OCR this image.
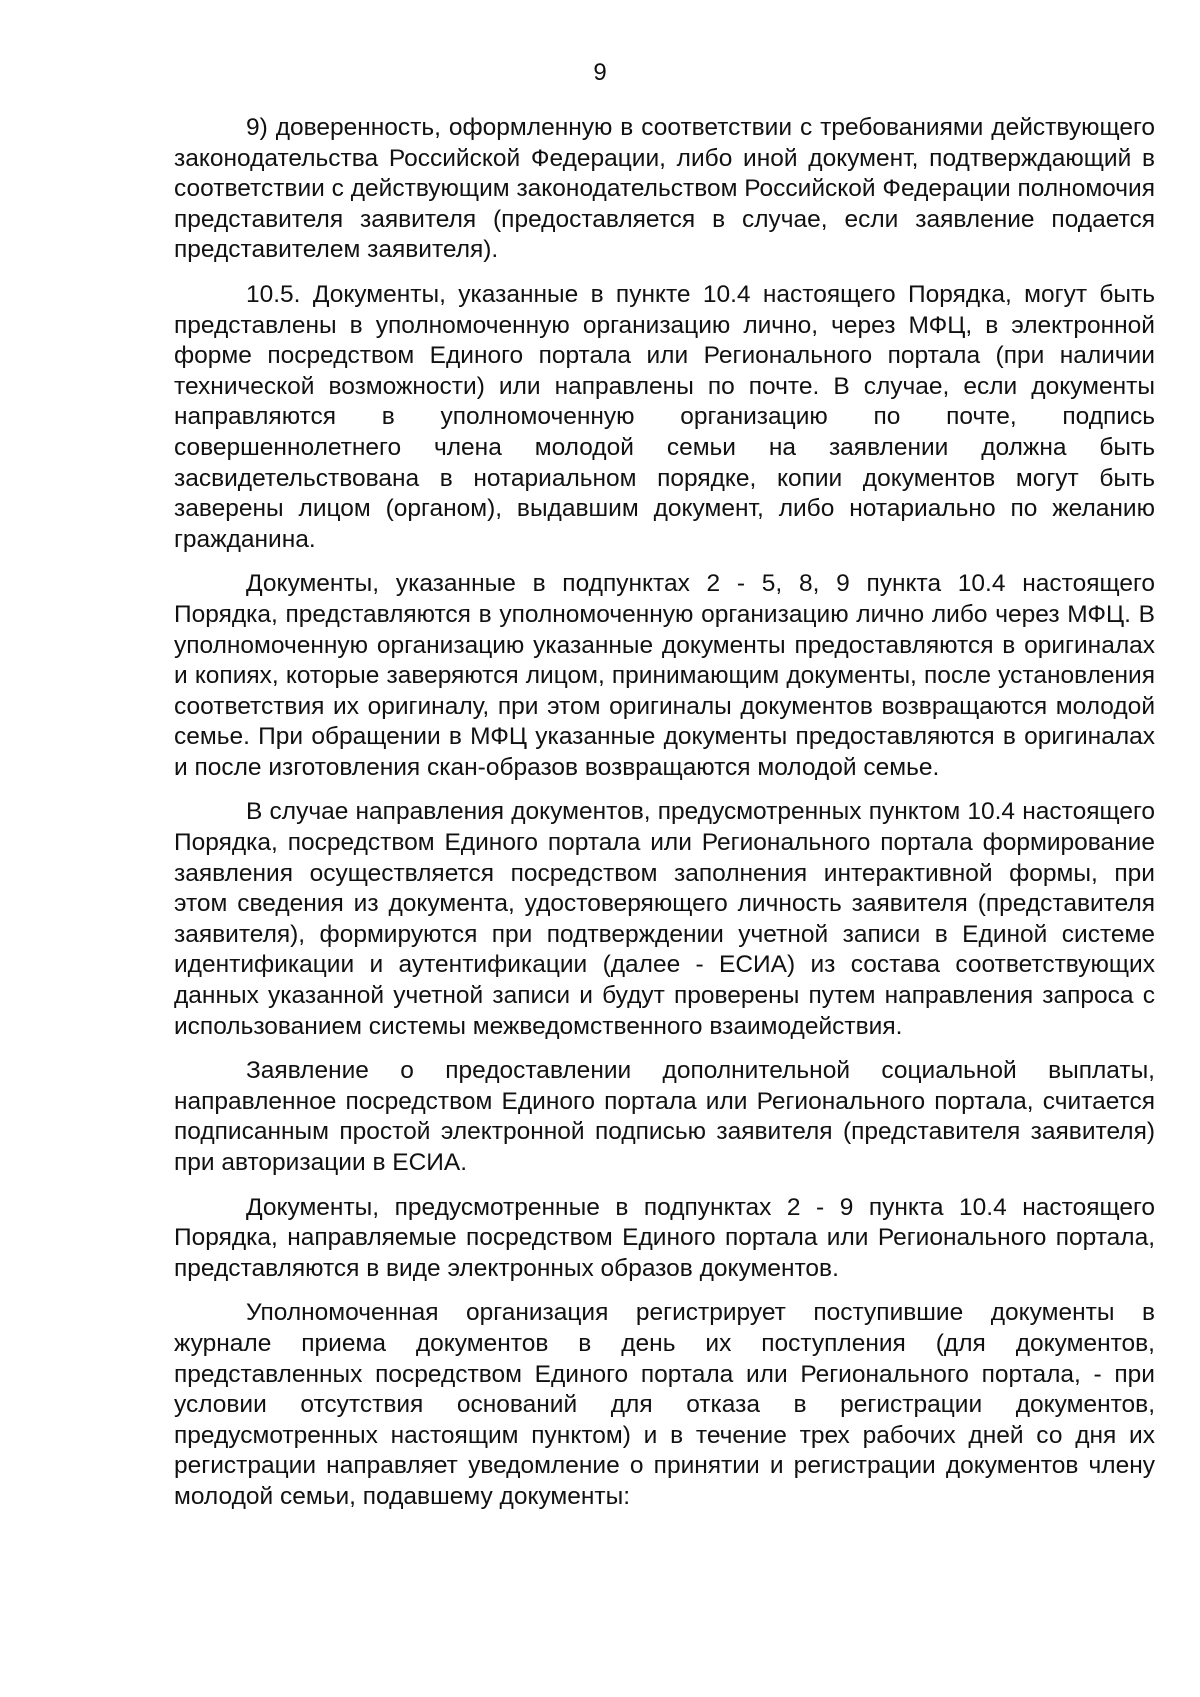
9

9) доверенность, оформленную в соответствии с требованиями действующего законодательства Российской Федерации, либо иной документ, подтверждающий в соответствии с действующим законодательством Российской Федерации полномочия представителя заявителя (предоставляется в случае, если заявление подается представителем заявителя).

10.5. Документы, указанные в пункте 10.4 настоящего Порядка, могут быть представлены в уполномоченную организацию лично, через МФЦ, в электронной форме посредством Единого портала или Регионального портала (при наличии технической возможности) или направлены по почте. В случае, если документы направляются в уполномоченную организацию по почте, подпись совершеннолетнего члена молодой семьи на заявлении должна быть засвидетельствована в нотариальном порядке, копии документов могут быть заверены лицом (органом), выдавшим документ, либо нотариально по желанию гражданина.

Документы, указанные в подпунктах 2 - 5, 8, 9 пункта 10.4 настоящего Порядка, представляются в уполномоченную организацию лично либо через МФЦ. В уполномоченную организацию указанные документы предоставляются в оригиналах и копиях, которые заверяются лицом, принимающим документы, после установления соответствия их оригиналу, при этом оригиналы документов возвращаются молодой семье. При обращении в МФЦ указанные документы предоставляются в оригиналах и после изготовления скан-образов возвращаются молодой семье.

В случае направления документов, предусмотренных пунктом 10.4 настоящего Порядка, посредством Единого портала или Регионального портала формирование заявления осуществляется посредством заполнения интерактивной формы, при этом сведения из документа, удостоверяющего личность заявителя (представителя заявителя), формируются при подтверждении учетной записи в Единой системе идентификации и аутентификации (далее - ЕСИА) из состава соответствующих данных указанной учетной записи и будут проверены путем направления запроса с использованием системы межведомственного взаимодействия.

Заявление о предоставлении дополнительной социальной выплаты, направленное посредством Единого портала или Регионального портала, считается подписанным простой электронной подписью заявителя (представителя заявителя) при авторизации в ЕСИА.

Документы, предусмотренные в подпунктах 2 - 9 пункта 10.4 настоящего Порядка, направляемые посредством Единого портала или Регионального портала, представляются в виде электронных образов документов.

Уполномоченная организация регистрирует поступившие документы в журнале приема документов в день их поступления (для документов, представленных посредством Единого портала или Регионального портала, - при условии отсутствия оснований для отказа в регистрации документов, предусмотренных настоящим пунктом) и в течение трех рабочих дней со дня их регистрации направляет уведомление о принятии и регистрации документов члену молодой семьи, подавшему документы:
